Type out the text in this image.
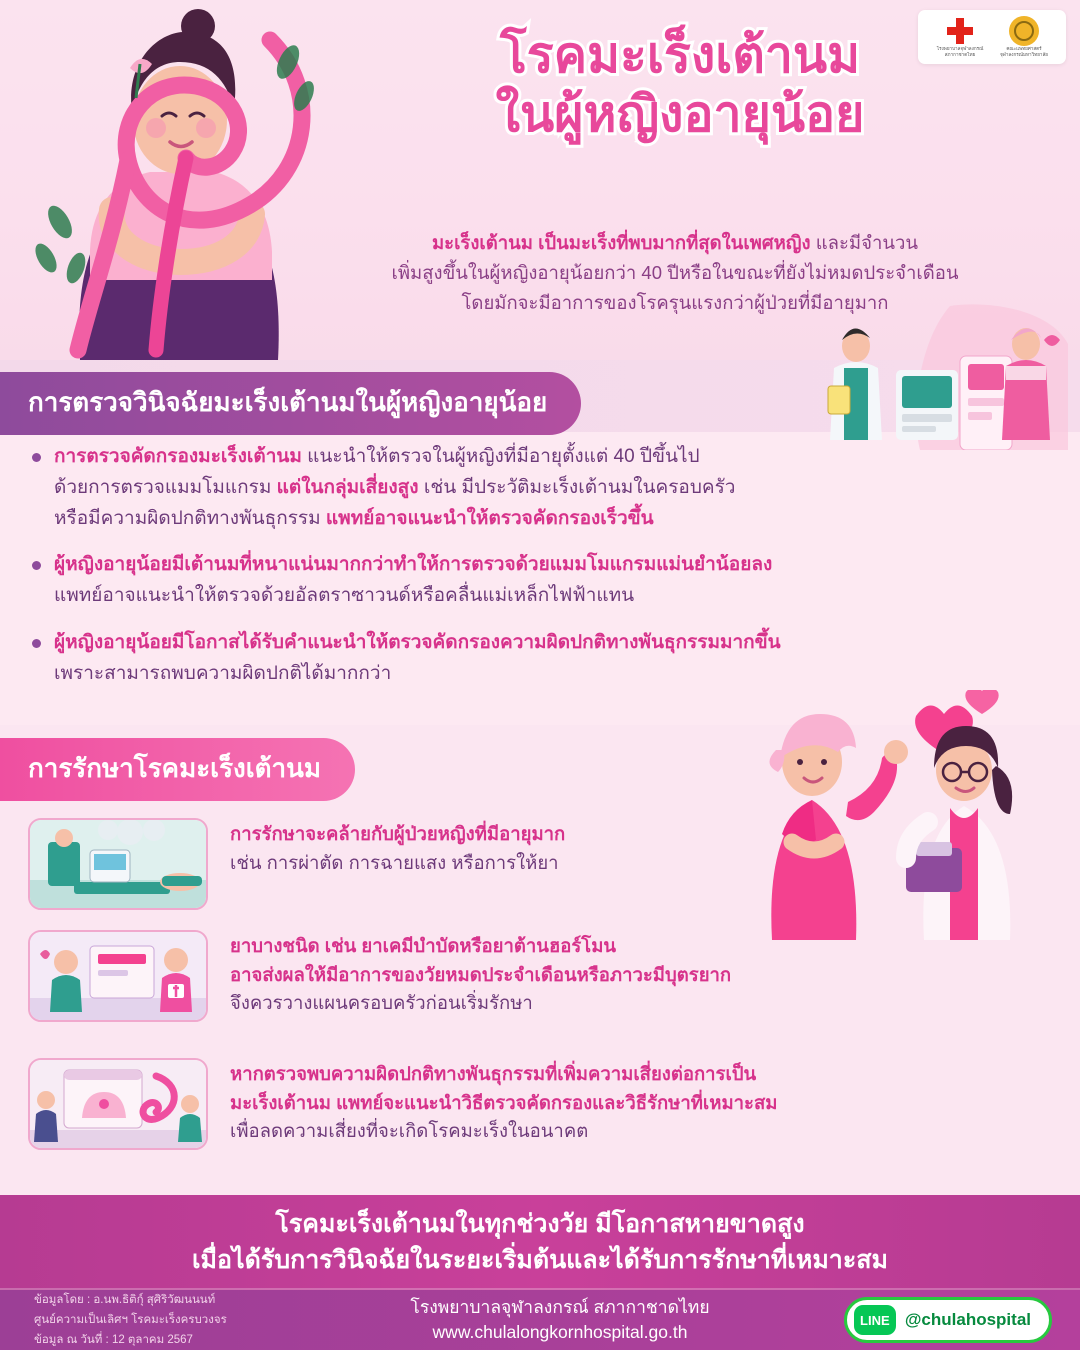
โรคมะเร็งเต้านม
ในผู้หญิงอายุน้อย
มะเร็งเต้านม เป็นมะเร็งที่พบมากที่สุดในเพศหญิง และมีจำนวน
เพิ่มสูงขึ้นในผู้หญิงอายุน้อยกว่า 40 ปีหรือในขณะที่ยังไม่หมดประจำเดือน
โดยมักจะมีอาการของโรครุนแรงกว่าผู้ป่วยที่มีอายุมาก
โรงพยาบาลจุฬาลงกรณ์ สภากาชาดไทย
คณะแพทยศาสตร์ จุฬาลงกรณ์มหาวิทยาลัย
การตรวจวินิจฉัยมะเร็งเต้านมในผู้หญิงอายุน้อย
การตรวจคัดกรองมะเร็งเต้านม แนะนำให้ตรวจในผู้หญิงที่มีอายุตั้งแต่ 40 ปีขึ้นไป
ด้วยการตรวจแมมโมแกรม แต่ในกลุ่มเสี่ยงสูง เช่น มีประวัติมะเร็งเต้านมในครอบครัว
หรือมีความผิดปกติทางพันธุกรรม แพทย์อาจแนะนำให้ตรวจคัดกรองเร็วขึ้น
ผู้หญิงอายุน้อยมีเต้านมที่หนาแน่นมากกว่าทำให้การตรวจด้วยแมมโมแกรมแม่นยำน้อยลง
แพทย์อาจแนะนำให้ตรวจด้วยอัลตราซาวนด์หรือคลื่นแม่เหล็กไฟฟ้าแทน
ผู้หญิงอายุน้อยมีโอกาสได้รับคำแนะนำให้ตรวจคัดกรองความผิดปกติทางพันธุกรรมมากขึ้น
เพราะสามารถพบความผิดปกติได้มากกว่า
การรักษาโรคมะเร็งเต้านม
การรักษาจะคล้ายกับผู้ป่วยหญิงที่มีอายุมาก
เช่น การผ่าตัด การฉายแสง หรือการให้ยา
ยาบางชนิด เช่น ยาเคมีบำบัดหรือยาต้านฮอร์โมน
อาจส่งผลให้มีอาการของวัยหมดประจำเดือนหรือภาวะมีบุตรยาก
จึงควรวางแผนครอบครัวก่อนเริ่มรักษา
หากตรวจพบความผิดปกติทางพันธุกรรมที่เพิ่มความเสี่ยงต่อการเป็น
มะเร็งเต้านม แพทย์จะแนะนำวิธีตรวจคัดกรองและวิธีรักษาที่เหมาะสม
เพื่อลดความเสี่ยงที่จะเกิดโรคมะเร็งในอนาคต
โรคมะเร็งเต้านมในทุกช่วงวัย มีโอกาสหายขาดสูง
เมื่อได้รับการวินิจฉัยในระยะเริ่มต้นและได้รับการรักษาที่เหมาะสม
ข้อมูลโดย : อ.นพ.ธิติกุ์ สุศิริวัฒนนนท์
ศูนย์ความเป็นเลิศฯ โรคมะเร็งครบวงจร
ข้อมูล ณ วันที่ : 12 ตุลาคม 2567
โรงพยาบาลจุฬาลงกรณ์ สภากาชาดไทย
www.chulalongkornhospital.go.th
LINE @chulahospital
